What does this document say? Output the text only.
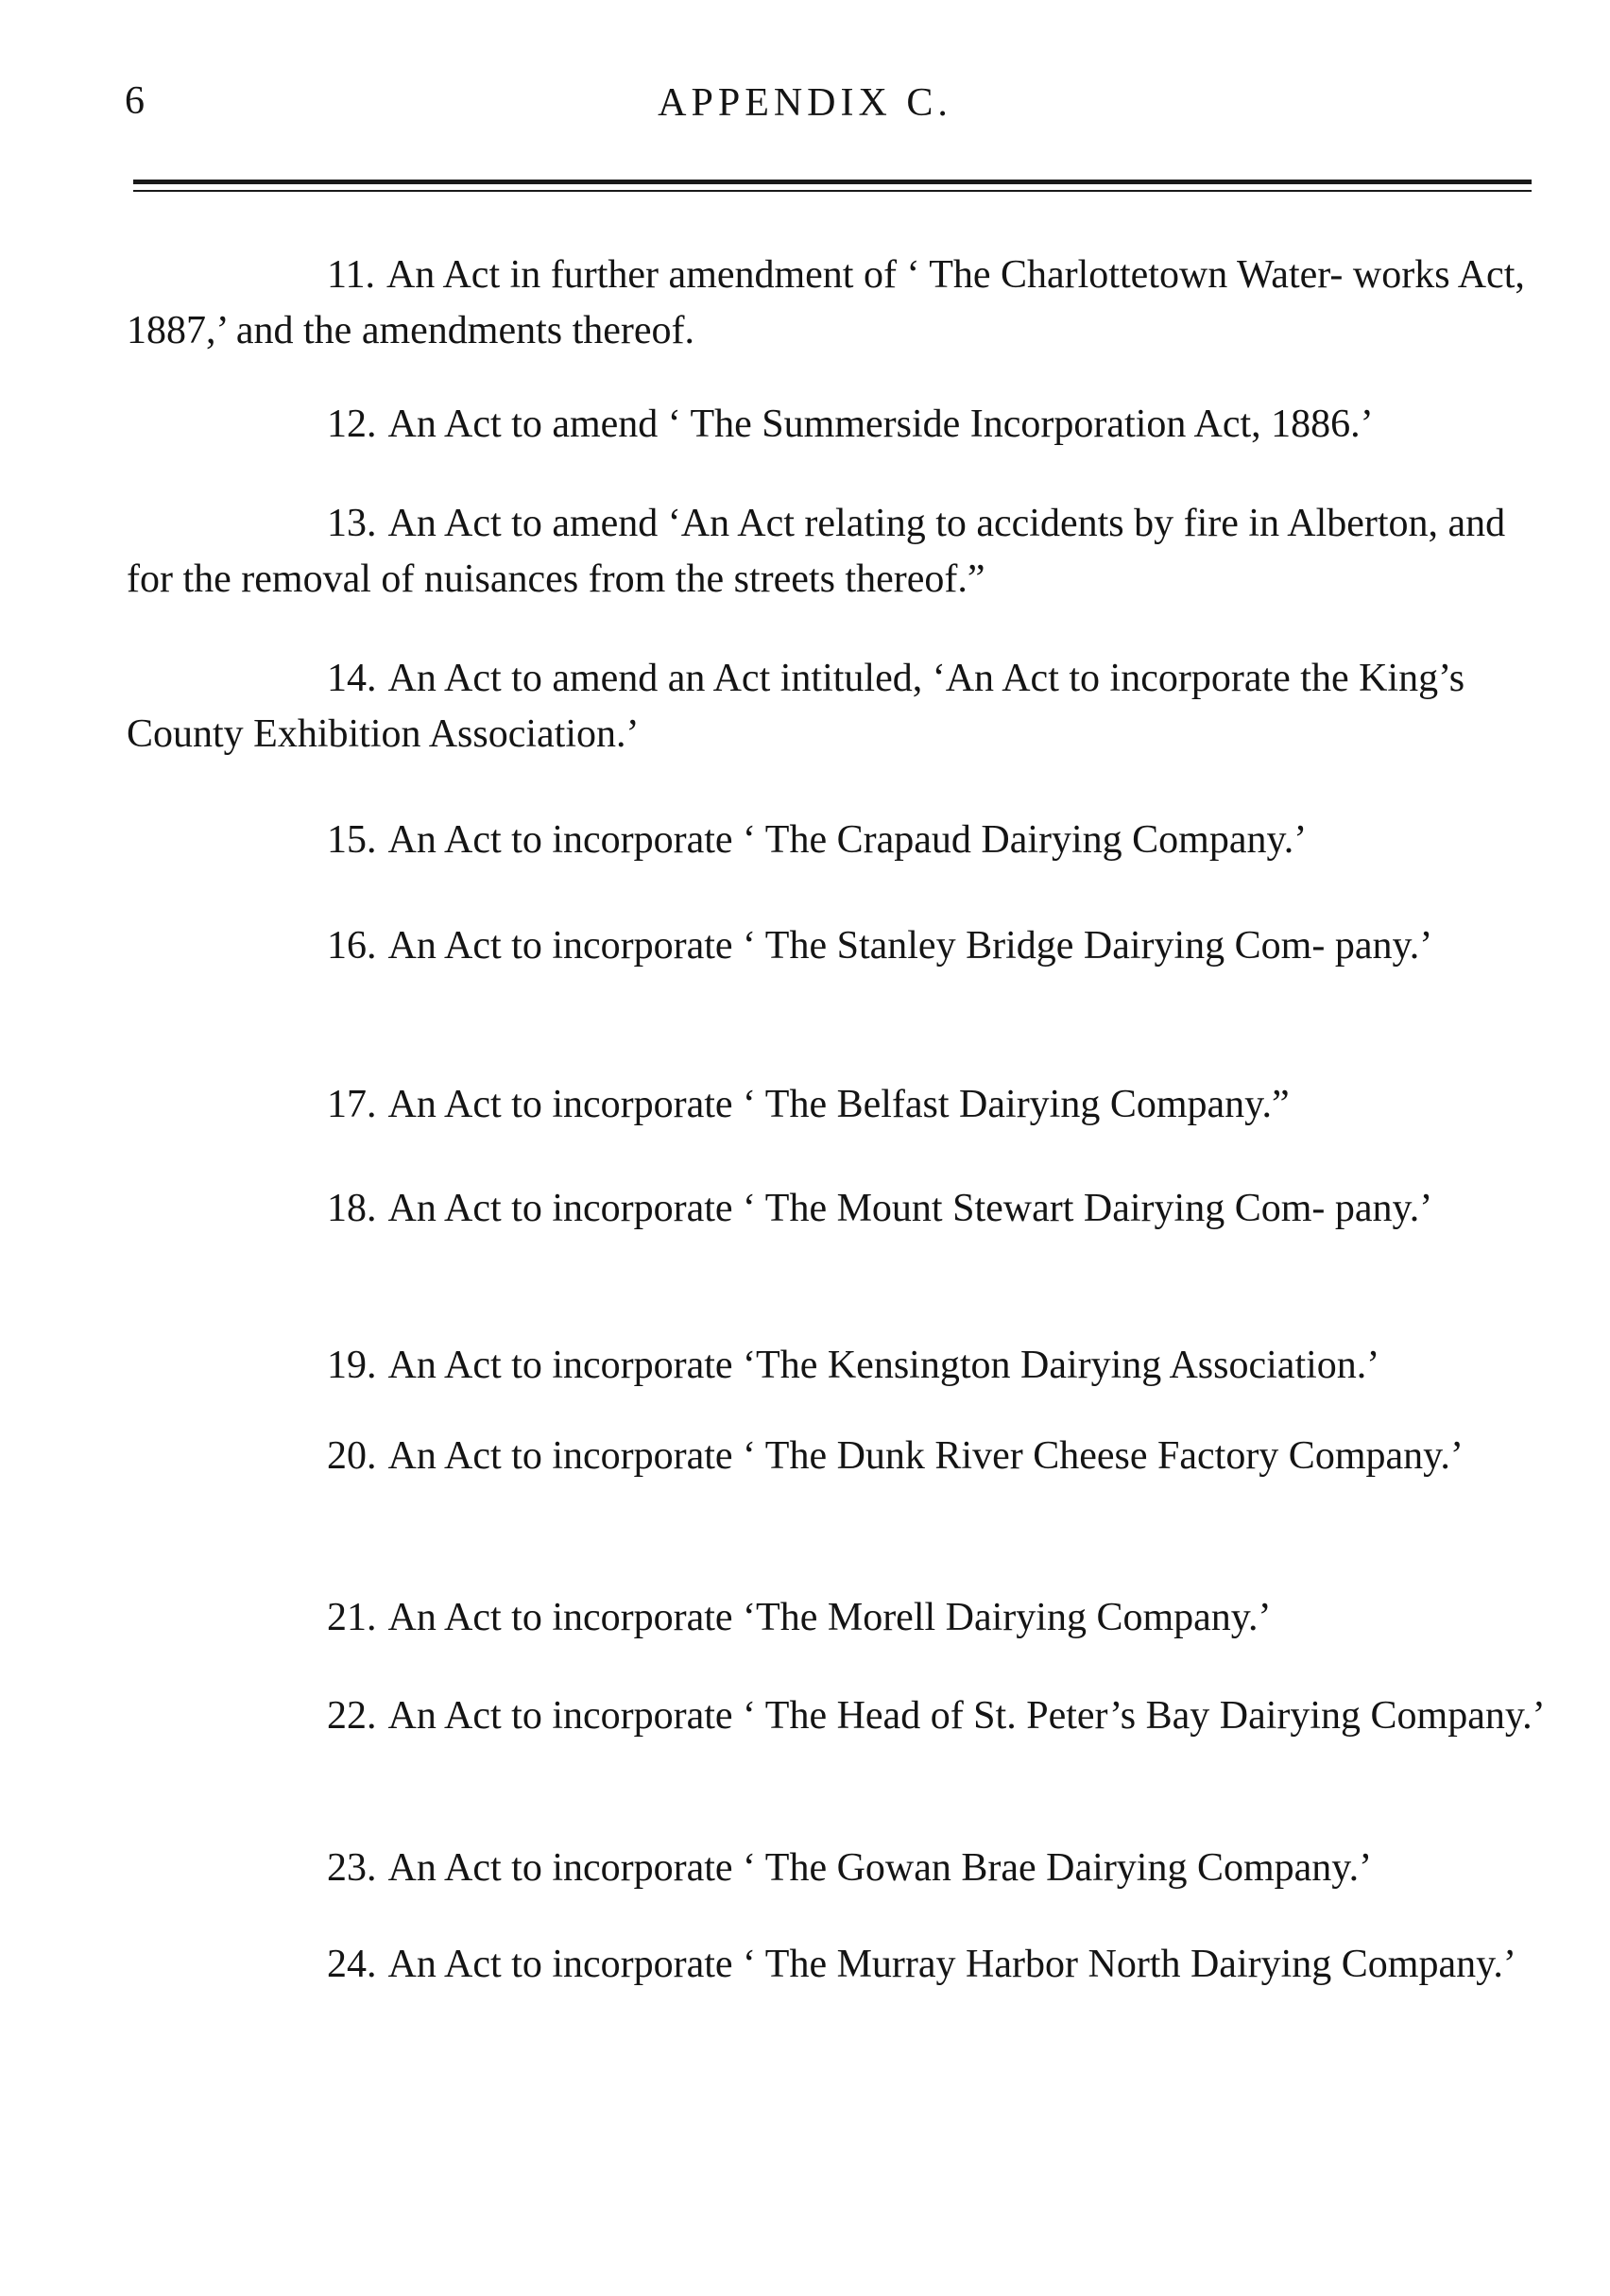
6	APPENDIX C.

11. An Act in further amendment of ‘ The Charlottetown Water- works Act, 1887,’ and the amendments thereof.

12. An Act to amend ‘ The Summerside Incorporation Act, 1886.’

13. An Act to amend ‘An Act relating to accidents by fire in Alberton, and for the removal of nuisances from the streets thereof.”

14. An Act to amend an Act intituled, ‘An Act to incorporate the King’s County Exhibition Association.’

15. An Act to incorporate ‘ The Crapaud Dairying Company.’

16. An Act to incorporate ‘ The Stanley Bridge Dairying Com- pany.’

17. An Act to incorporate ‘ The Belfast Dairying Company.”

18. An Act to incorporate ‘ The Mount Stewart Dairying Com- pany.’

19. An Act to incorporate ‘The Kensington Dairying Association.’

20. An Act to incorporate ‘ The Dunk River Cheese Factory Company.’

21. An Act to incorporate ‘The Morell Dairying Company.’

22. An Act to incorporate ‘ The Head of St. Peter’s Bay Dairying Company.’

23. An Act to incorporate ‘ The Gowan Brae Dairying Company.’

24. An Act to incorporate ‘ The Murray Harbor North Dairying Company.’
